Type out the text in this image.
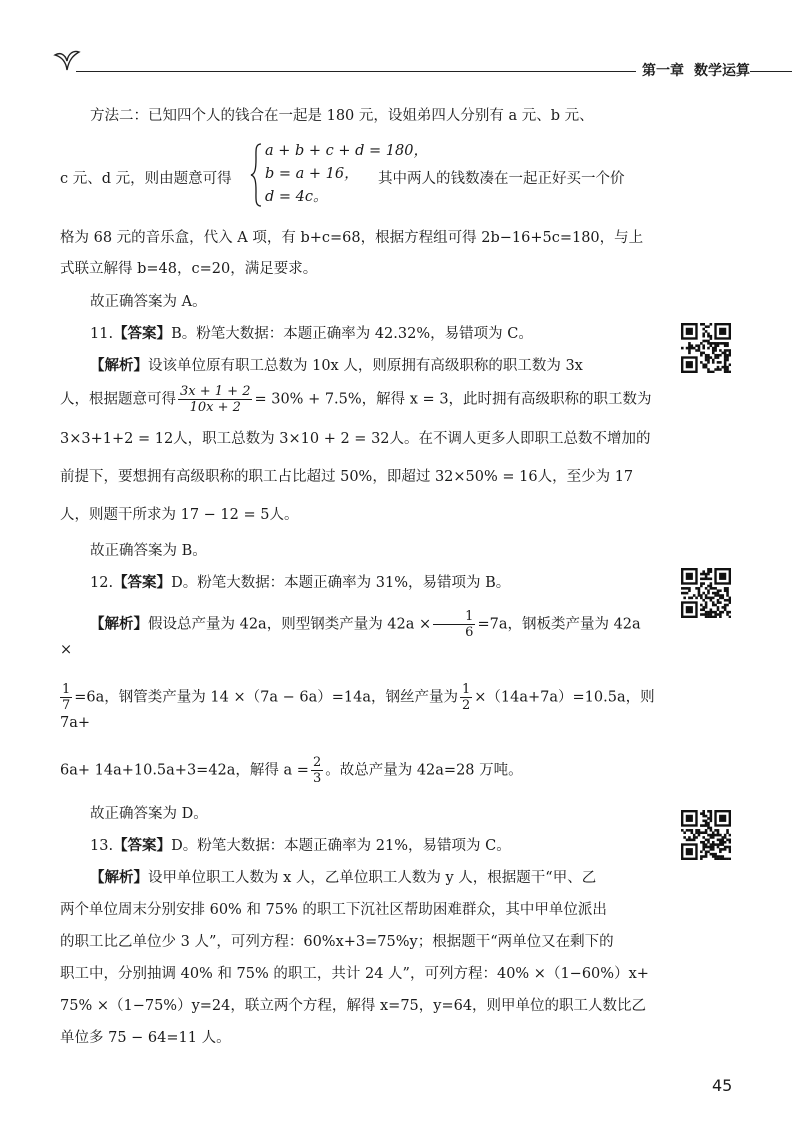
第一章 数学运算

方法二：已知四个人的钱合在一起是 180 元，设姐弟四人分别有 a 元、b 元、

c 元、d 元，则由题意可得
a + b + c + d = 180，
b = a + 16，
d = 4c。
其中两人的钱数凑在一起正好买一个价

格为 68 元的音乐盒，代入 A 项，有 b+c=68，根据方程组可得 2b−16+5c=180，与上

式联立解得 b=48，c=20，满足要求。

故正确答案为 A。

11.【答案】B。粉笔大数据：本题正确率为 42.32%，易错项为 C。

【解析】设该单位原有职工总数为 10x 人，则原拥有高级职称的职工数为 3x

人，根据题意可得 $\frac{3x + 1 + 2}{10x + 2} = 30\% + 7.5\%$，解得 x = 3，此时拥有高级职称的职工数为

3×3+1+2 = 12人，职工总数为 3×10 + 2 = 32人。在不调人更多人即职工总数不增加的

前提下，要想拥有高级职称的职工占比超过 50%，即超过 32×50% = 16人，至少为 17

人，则题干所求为 17 − 12 = 5人。

故正确答案为 B。

12.【答案】D。粉笔大数据：本题正确率为 31%，易错项为 B。

【解析】假设总产量为 42a，则型钢类产量为 $42a \times \frac{1}{6} =7a$，钢板类产量为 42a ×

$\frac{1}{7} =6a$，钢管类产量为 14 ×（7a − 6a）=14a，钢丝产量为 $\frac{1}{2} \times(14a+7a)=10.5a$，则 7a+

6a+ 14a+10.5a+3=42a，解得 $a = \frac{2}{3}$ 。故总产量为 42a=28 万吨。

故正确答案为 D。

13.【答案】D。粉笔大数据：本题正确率为 21%，易错项为 C。

【解析】设甲单位职工人数为 x 人，乙单位职工人数为 y 人，根据题干“甲、乙

两个单位周末分别安排 60% 和 75% 的职工下沉社区帮助困难群众，其中甲单位派出

的职工比乙单位少 3 人”，可列方程：60%x+3=75%y；根据题干“两单位又在剩下的

职工中，分别抽调 40% 和 75% 的职工，共计 24 人”，可列方程：40% ×（1−60%）x+

75% ×（1−75%）y=24，联立两个方程，解得 x=75，y=64，则甲单位的职工人数比乙

单位多 75 − 64=11 人。

45
